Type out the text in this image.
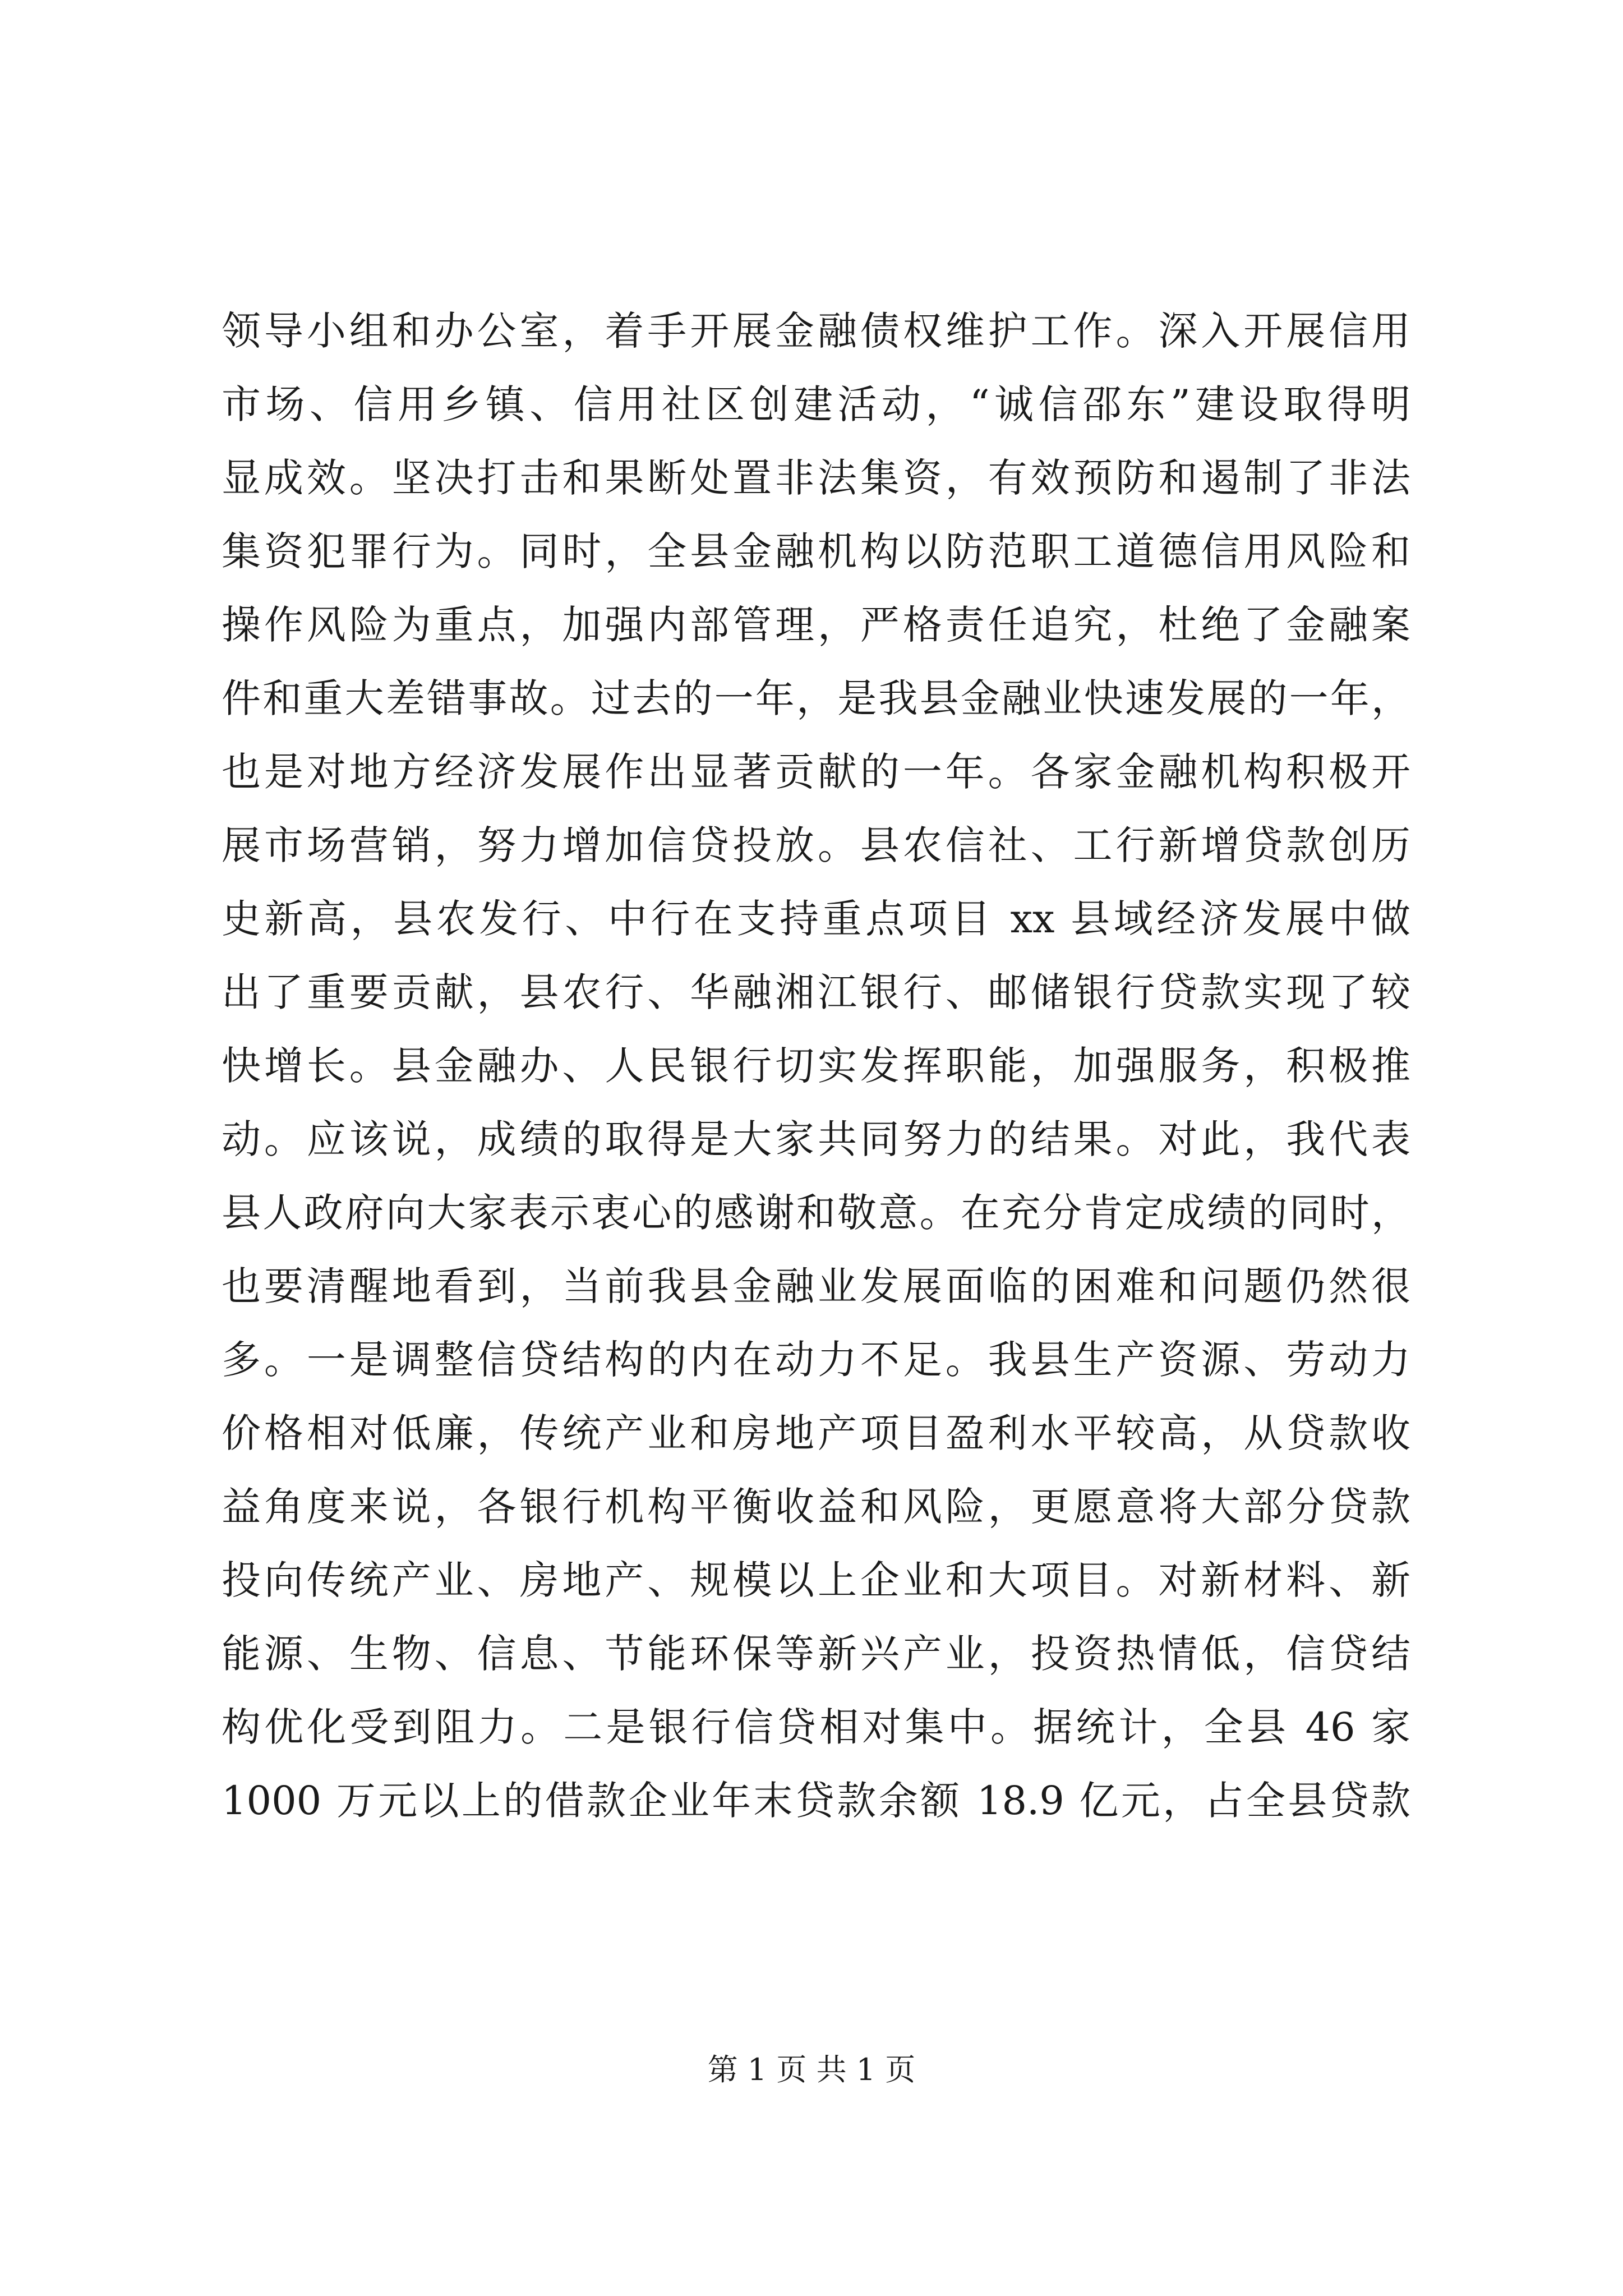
领导小组和办公室，着手开展金融债权维护工作。深入开展信用
市场、信用乡镇、信用社区创建活动，“诚信邵东”建设取得明
显成效。坚决打击和果断处置非法集资，有效预防和遏制了非法
集资犯罪行为。同时，全县金融机构以防范职工道德信用风险和
操作风险为重点，加强内部管理，严格责任追究，杜绝了金融案
件和重大差错事故。过去的一年，是我县金融业快速发展的一年，
也是对地方经济发展作出显著贡献的一年。各家金融机构积极开
展市场营销，努力增加信贷投放。县农信社、工行新增贷款创历
史新高，县农发行、中行在支持重点项目 xx 县域经济发展中做
出了重要贡献，县农行、华融湘江银行、邮储银行贷款实现了较
快增长。县金融办、人民银行切实发挥职能，加强服务，积极推
动。应该说，成绩的取得是大家共同努力的结果。对此，我代表
县人政府向大家表示衷心的感谢和敬意。在充分肯定成绩的同时，
也要清醒地看到，当前我县金融业发展面临的困难和问题仍然很
多。一是调整信贷结构的内在动力不足。我县生产资源、劳动力
价格相对低廉，传统产业和房地产项目盈利水平较高，从贷款收
益角度来说，各银行机构平衡收益和风险，更愿意将大部分贷款
投向传统产业、房地产、规模以上企业和大项目。对新材料、新
能源、生物、信息、节能环保等新兴产业，投资热情低，信贷结
构优化受到阻力。二是银行信贷相对集中。据统计，全县 46 家
1000 万元以上的借款企业年末贷款余额 18.9 亿元，占全县贷款
第 1 页 共 1 页
